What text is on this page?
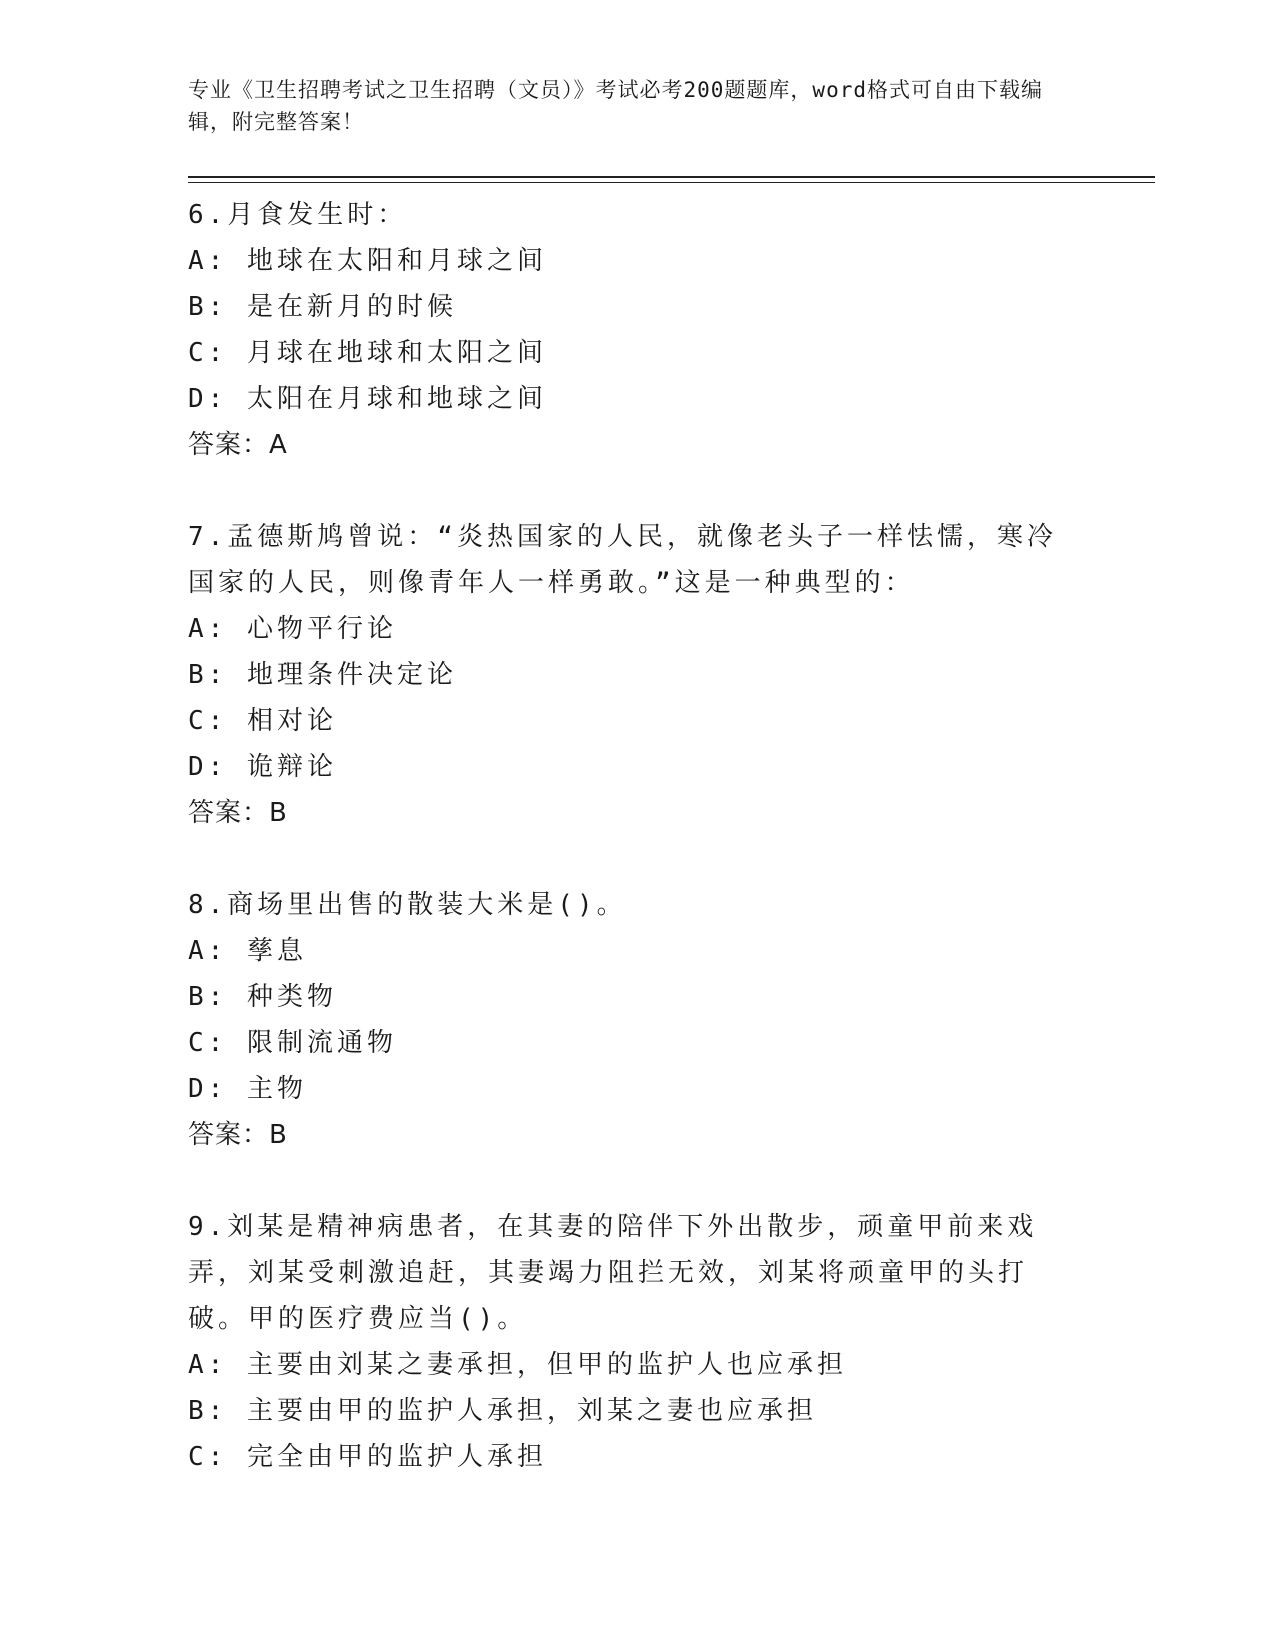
专业《卫生招聘考试之卫生招聘（文员）》考试必考200题题库，word格式可自由下载编辑，附完整答案！
6.月食发生时：
A: 地球在太阳和月球之间
B: 是在新月的时候
C: 月球在地球和太阳之间
D: 太阳在月球和地球之间
答案：A
7.孟德斯鸠曾说：“炎热国家的人民，就像老头子一样怯懦，寒冷国家的人民，则像青年人一样勇敢。”这是一种典型的：
A: 心物平行论
B: 地理条件决定论
C: 相对论
D: 诡辩论
答案：B
8.商场里出售的散装大米是()。
A: 孳息
B: 种类物
C: 限制流通物
D: 主物
答案：B
9.刘某是精神病患者，在其妻的陪伴下外出散步，顽童甲前来戏弄，刘某受刺激追赶，其妻竭力阻拦无效，刘某将顽童甲的头打破。甲的医疗费应当()。
A: 主要由刘某之妻承担，但甲的监护人也应承担
B: 主要由甲的监护人承担，刘某之妻也应承担
C: 完全由甲的监护人承担
